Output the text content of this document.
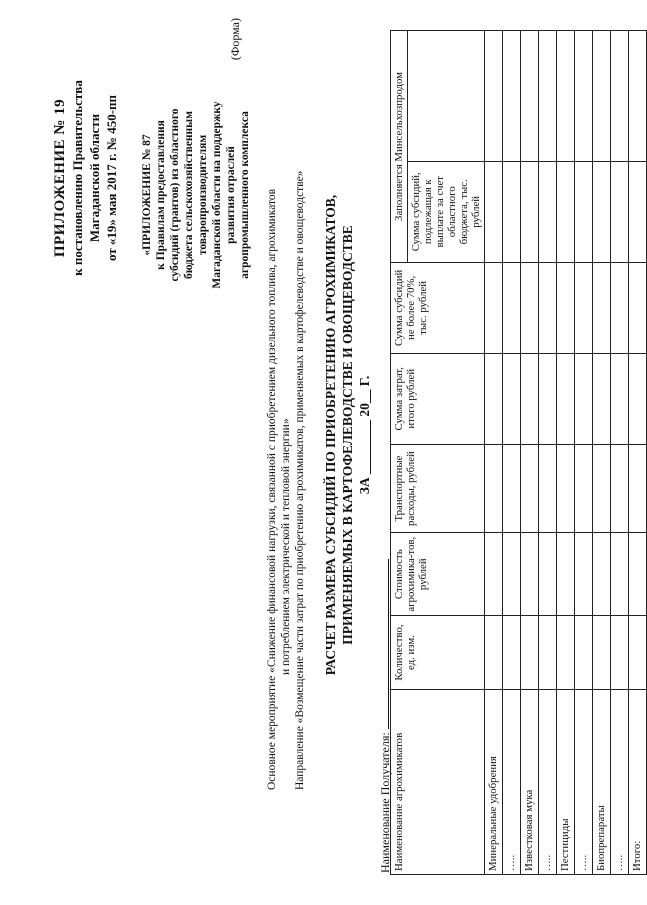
ПРИЛОЖЕНИЕ № 19 к постановлению Правительства Магаданской области от «19» мая 2017 г. № 450-пп «ПРИЛОЖЕНИЕ № 87 к Правилам предоставления субсидий (грантов) из областного бюджета сельскохозяйственным товаропроизводителям Магаданской области на поддержку развития отраслей агропромышленного комплекса
(Форма)
Основное мероприятие «Снижение финансовой нагрузки, связанной с приобретением дизельного топлива, агрохимикатов и потреблением электрической и тепловой энергии» Направление «Возмещение части затрат по приобретению агрохимикатов, применяемых в картофелеводстве и овощеводстве» РАСЧЕТ РАЗМЕРА СУБСИДИЙ ПО ПРИОБРЕТЕНИЮ АГРОХИМИКАТОВ, ПРИМЕНЯЕМЫХ В КАРТОФЕЛЕВОДСТВЕ И ОВОЩЕВОДСТВЕ ЗА ________ 20__ Г.
Наименование Получателя: Наименование агрохимикатов	Количество, ед. изм.	Стоимость агрохимика-тов, рублей	Транспортные расходы, рублей	Сумма затрат, итого рублей	Сумма субсидий не более 70%, тыс. рублей	Заполняется Минсельхозпродом	
						Сумма субсидий, подлежащая к выплате за счет областного бюджета, тыс. рублей	
Минеральные удобрения							
…..							
Известковая мука							
…..							
Пестициды							
…..							
Биопрепараты							
…..							
Итого:							
